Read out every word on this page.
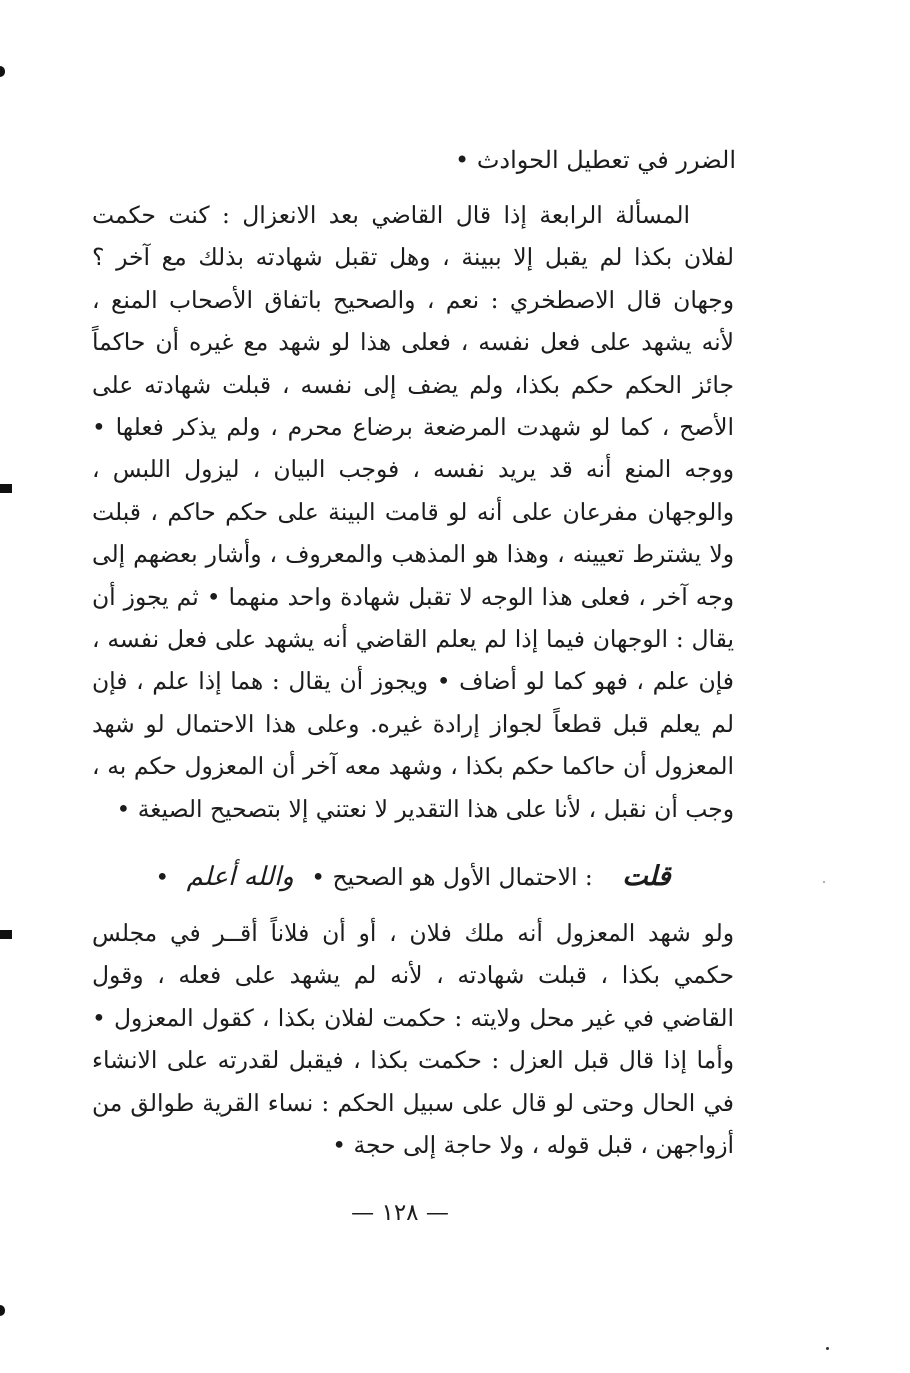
الضرر في تعطيل الحوادث •

المسألة الرابعة إذا قال القاضي بعد الانعزال : كنت حكمت لفلان بكذا لم يقبل إلا ببينة ، وهل تقبل شهادته بذلك مع آخر ؟ وجهان قال الاصطخري : نعم ، والصحيح باتفاق الأصحاب المنع ، لأنه يشهد على فعل نفسه ، فعلى هذا لو شهد مع غيره أن حاكماً جائز الحكم حكم بكذا، ولم يضف إلى نفسه ، قبلت شهادته على الأصح ، كما لو شهدت المرضعة برضاع محرم ، ولم يذكر فعلها • ووجه المنع أنه قد يريد نفسه ، فوجب البيان ، ليزول اللبس ، والوجهان مفرعان على أنه لو قامت البينة على حكم حاكم ، قبلت ولا يشترط تعيينه ، وهذا هو المذهب والمعروف ، وأشار بعضهم إلى وجه آخر ، فعلى هذا الوجه لا تقبل شهادة واحد منهما • ثم يجوز أن يقال : الوجهان فيما إذا لم يعلم القاضي أنه يشهد على فعل نفسه ، فإن علم ، فهو كما لو أضاف • ويجوز أن يقال : هما إذا علم ، فإن لم يعلم قبل قطعاً لجواز إرادة غيره. وعلى هذا الاحتمال لو شهد المعزول أن حاكما حكم بكذا ، وشهد معه آخر أن المعزول حكم به ، وجب أن نقبل ، لأنا على هذا التقدير لا نعتني إلا بتصحيح الصيغة •

قلت : الاحتمال الأول هو الصحيح • والله أعلم •

ولو شهد المعزول أنه ملك فلان ، أو أن فلاناً أقــر في مجلس حكمي بكذا ، قبلت شهادته ، لأنه لم يشهد على فعله ، وقول القاضي في غير محل ولايته : حكمت لفلان بكذا ، كقول المعزول • وأما إذا قال قبل العزل : حكمت بكذا ، فيقبل لقدرته على الانشاء في الحال وحتى لو قال على سبيل الحكم : نساء القرية طوالق من أزواجهن ، قبل قوله ، ولا حاجة إلى حجة •

— ١٢٨ —
